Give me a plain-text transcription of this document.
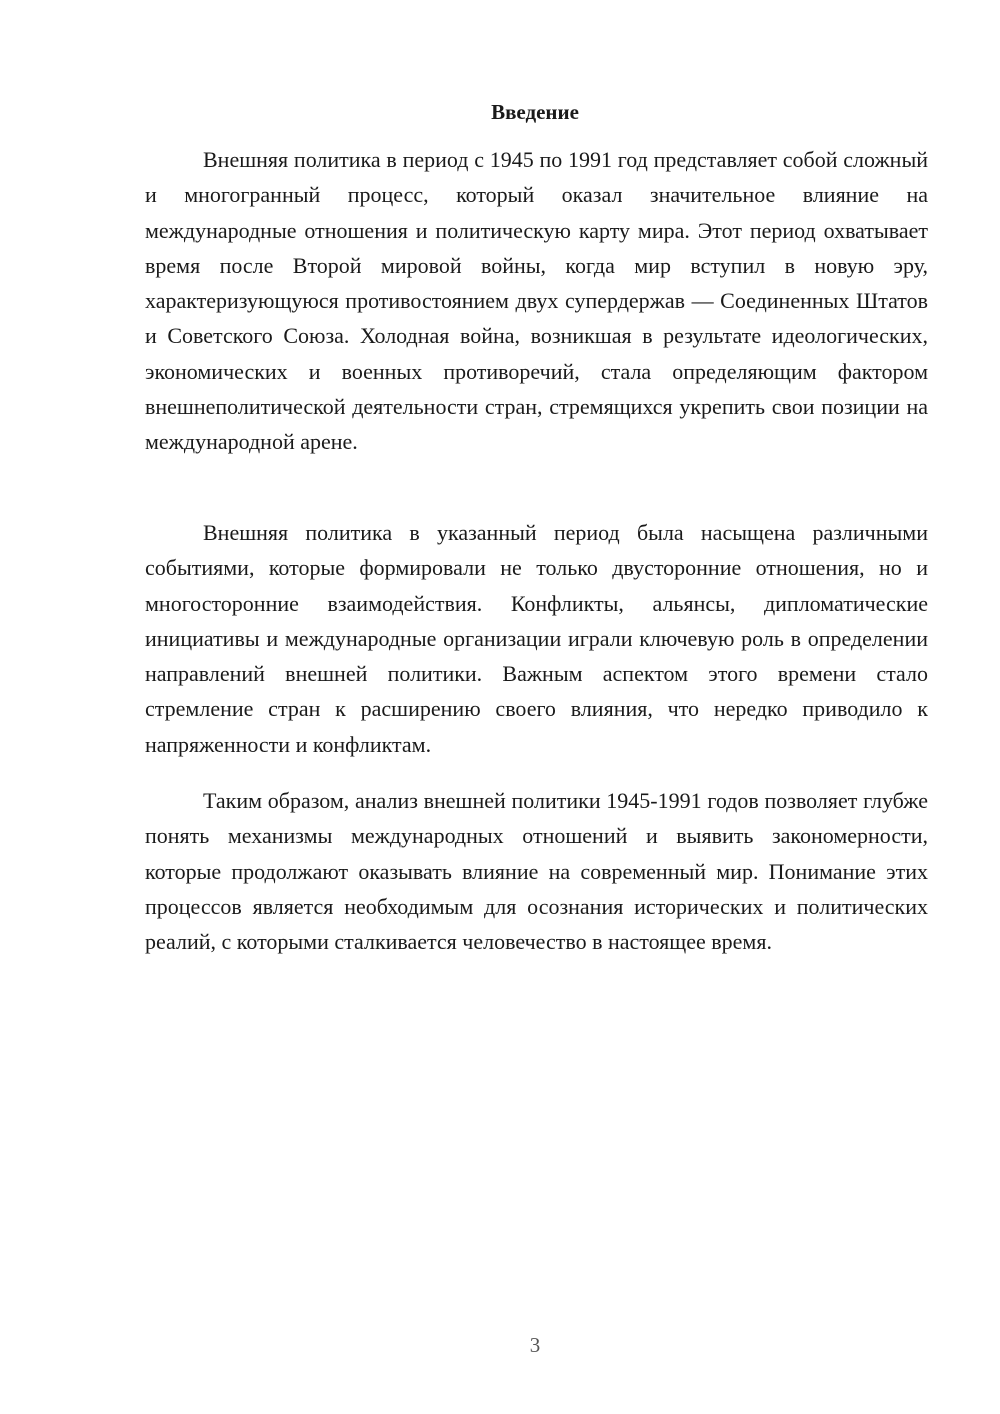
Введение

Внешняя политика в период с 1945 по 1991 год представляет собой сложный и многогранный процесс, который оказал значительное влияние на международные отношения и политическую карту мира. Этот период охватывает время после Второй мировой войны, когда мир вступил в новую эру, характеризующуюся противостоянием двух супердержав — Соединенных Штатов и Советского Союза. Холодная война, возникшая в результате идеологических, экономических и военных противоречий, стала определяющим фактором внешнеполитической деятельности стран, стремящихся укрепить свои позиции на международной арене.

Внешняя политика в указанный период была насыщена различными событиями, которые формировали не только двусторонние отношения, но и многосторонние взаимодействия. Конфликты, альянсы, дипломатические инициативы и международные организации играли ключевую роль в определении направлений внешней политики. Важным аспектом этого времени стало стремление стран к расширению своего влияния, что нередко приводило к напряженности и конфликтам.

Таким образом, анализ внешней политики 1945-1991 годов позволяет глубже понять механизмы международных отношений и выявить закономерности, которые продолжают оказывать влияние на современный мир. Понимание этих процессов является необходимым для осознания исторических и политических реалий, с которыми сталкивается человечество в настоящее время.

3
